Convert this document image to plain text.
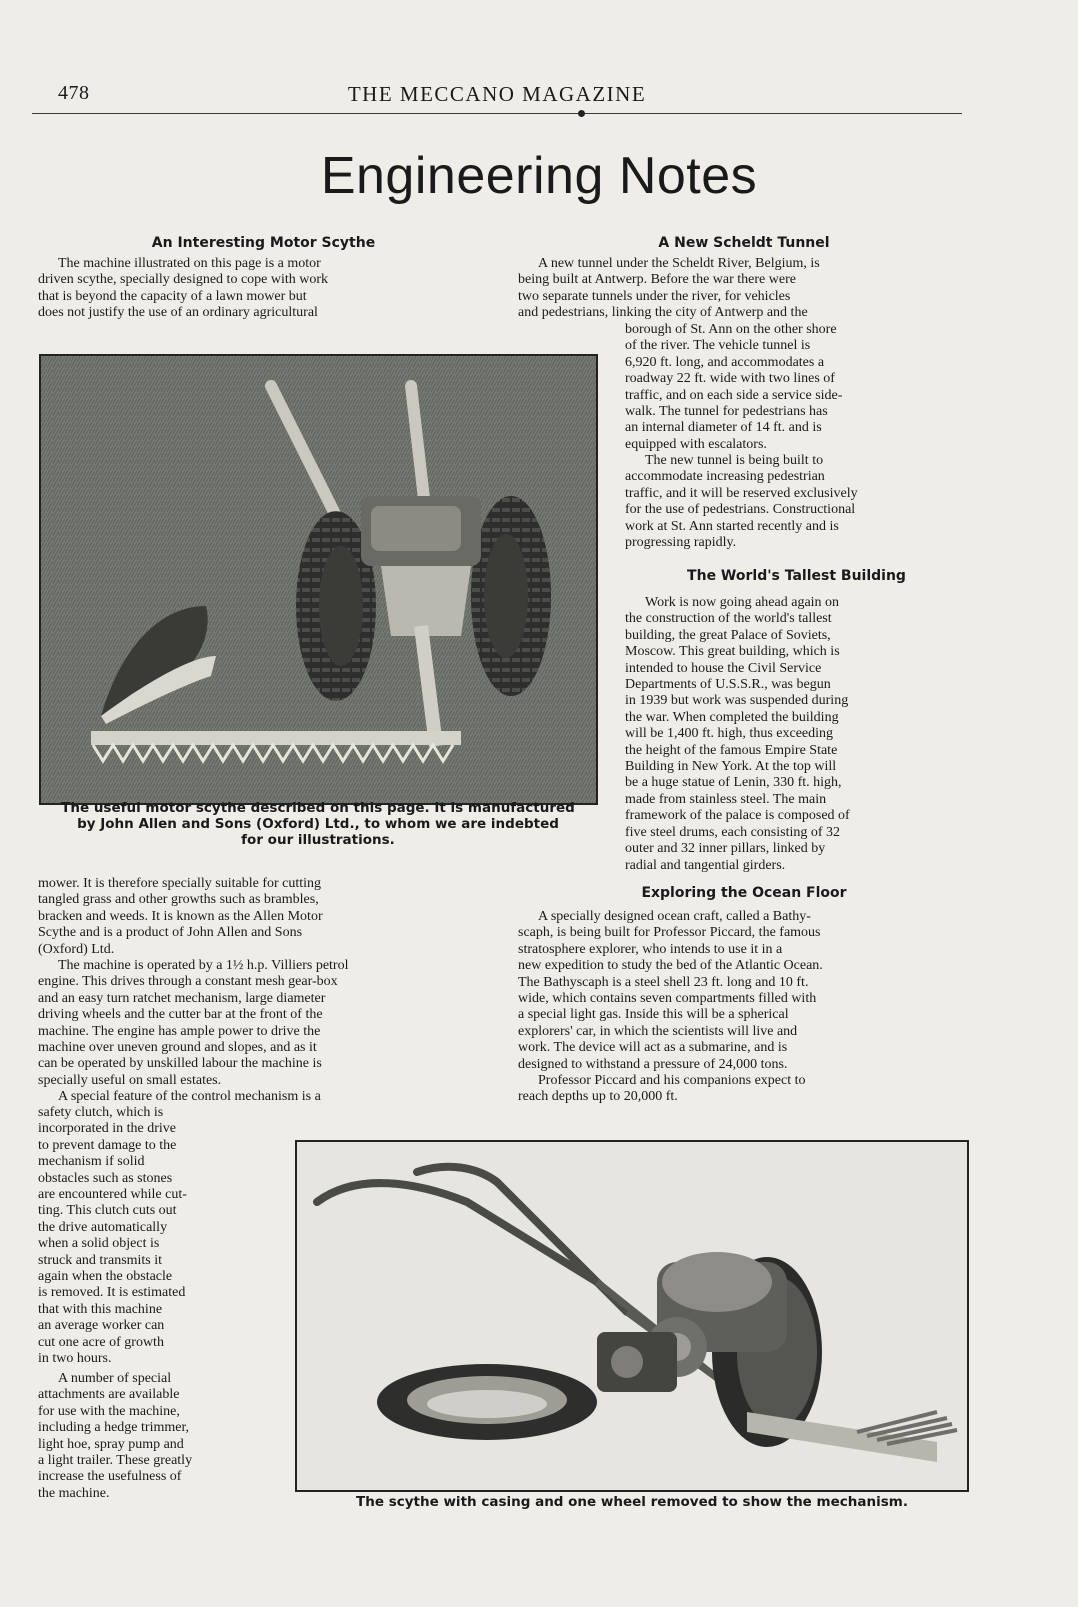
478	THE MECCANO MAGAZINE
Engineering Notes
An Interesting Motor Scythe
The machine illustrated on this page is a motor
driven scythe, specially designed to cope with work
that is beyond the capacity of a lawn mower but
does not justify the use of an ordinary agricultural
The useful motor scythe described on this page. It is manufactured
by John Allen and Sons (Oxford) Ltd., to whom we are indebted
for our illustrations.
mower. It is therefore specially suitable for cutting
tangled grass and other growths such as brambles,
bracken and weeds. It is known as the Allen Motor
Scythe and is a product of John Allen and Sons
(Oxford) Ltd.
The machine is operated by a 1½ h.p. Villiers petrol
engine. This drives through a constant mesh gear-box
and an easy turn ratchet mechanism, large diameter
driving wheels and the cutter bar at the front of the
machine. The engine has ample power to drive the
machine over uneven ground and slopes, and as it
can be operated by unskilled labour the machine is
specially useful on small estates.
A special feature of the control mechanism is a
safety clutch, which is
incorporated in the drive
to prevent damage to the
mechanism if solid
obstacles such as stones
are encountered while cut-
ting. This clutch cuts out
the drive automatically
when a solid object is
struck and transmits it
again when the obstacle
is removed. It is estimated
that with this machine
an average worker can
cut one acre of growth
in two hours.
A number of special
attachments are available
for use with the machine,
including a hedge trimmer,
light hoe, spray pump and
a light trailer. These greatly
increase the usefulness of
the machine.
A New Scheldt Tunnel
A new tunnel under the Scheldt River, Belgium, is
being built at Antwerp. Before the war there were
two separate tunnels under the river, for vehicles
and pedestrians, linking the city of Antwerp and the
borough of St. Ann on the other shore
of the river. The vehicle tunnel is
6,920 ft. long, and accommodates a
roadway 22 ft. wide with two lines of
traffic, and on each side a service side-
walk. The tunnel for pedestrians has
an internal diameter of 14 ft. and is
equipped with escalators.
The new tunnel is being built to
accommodate increasing pedestrian
traffic, and it will be reserved exclusively
for the use of pedestrians. Constructional
work at St. Ann started recently and is
progressing rapidly.
The World's Tallest Building
Work is now going ahead again on
the construction of the world's tallest
building, the great Palace of Soviets,
Moscow. This great building, which is
intended to house the Civil Service
Departments of U.S.S.R., was begun
in 1939 but work was suspended during
the war. When completed the building
will be 1,400 ft. high, thus exceeding
the height of the famous Empire State
Building in New York. At the top will
be a huge statue of Lenin, 330 ft. high,
made from stainless steel. The main
framework of the palace is composed of
five steel drums, each consisting of 32
outer and 32 inner pillars, linked by
radial and tangential girders.
Exploring the Ocean Floor
A specially designed ocean craft, called a Bathy-
scaph, is being built for Professor Piccard, the famous
stratosphere explorer, who intends to use it in a
new expedition to study the bed of the Atlantic Ocean.
The Bathyscaph is a steel shell 23 ft. long and 10 ft.
wide, which contains seven compartments filled with
a special light gas. Inside this will be a spherical
explorers' car, in which the scientists will live and
work. The device will act as a submarine, and is
designed to withstand a pressure of 24,000 tons.
Professor Piccard and his companions expect to
reach depths up to 20,000 ft.
The scythe with casing and one wheel removed to show the mechanism.
